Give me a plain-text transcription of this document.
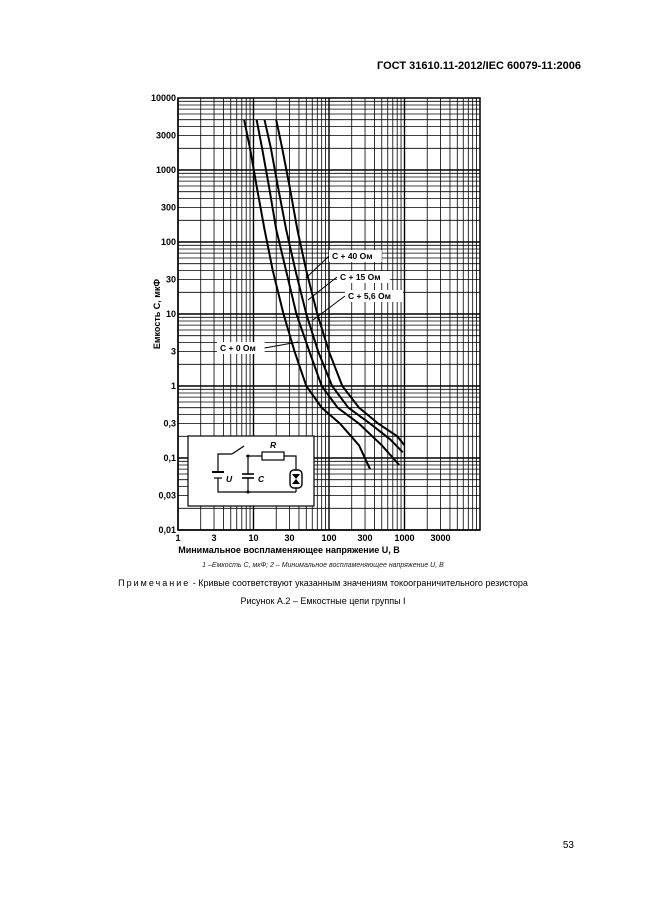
ГОСТ 31610.11-2012/IEC 60079-11:2006
1	3	10	30	100 300 1000 3000
10000
3000
1000
300
100
30
10
3
1
0,3
0,1
0,03
0,01
Минимальное воспламеняющее напряжение U, В
Емкость C, мкФ
R
U	C
C + 40 Ом
C + 15 Ом
C + 5,6 Ом
C + 0 Ом
1 –Емкость C, мкФ; 2 – Минимальное воспламеняющее напряжение U, В
Примечание - Кривые соответствуют указанным значениям токоограничительного резистора
Рисунок А.2 – Емкостные цепи группы I
53
